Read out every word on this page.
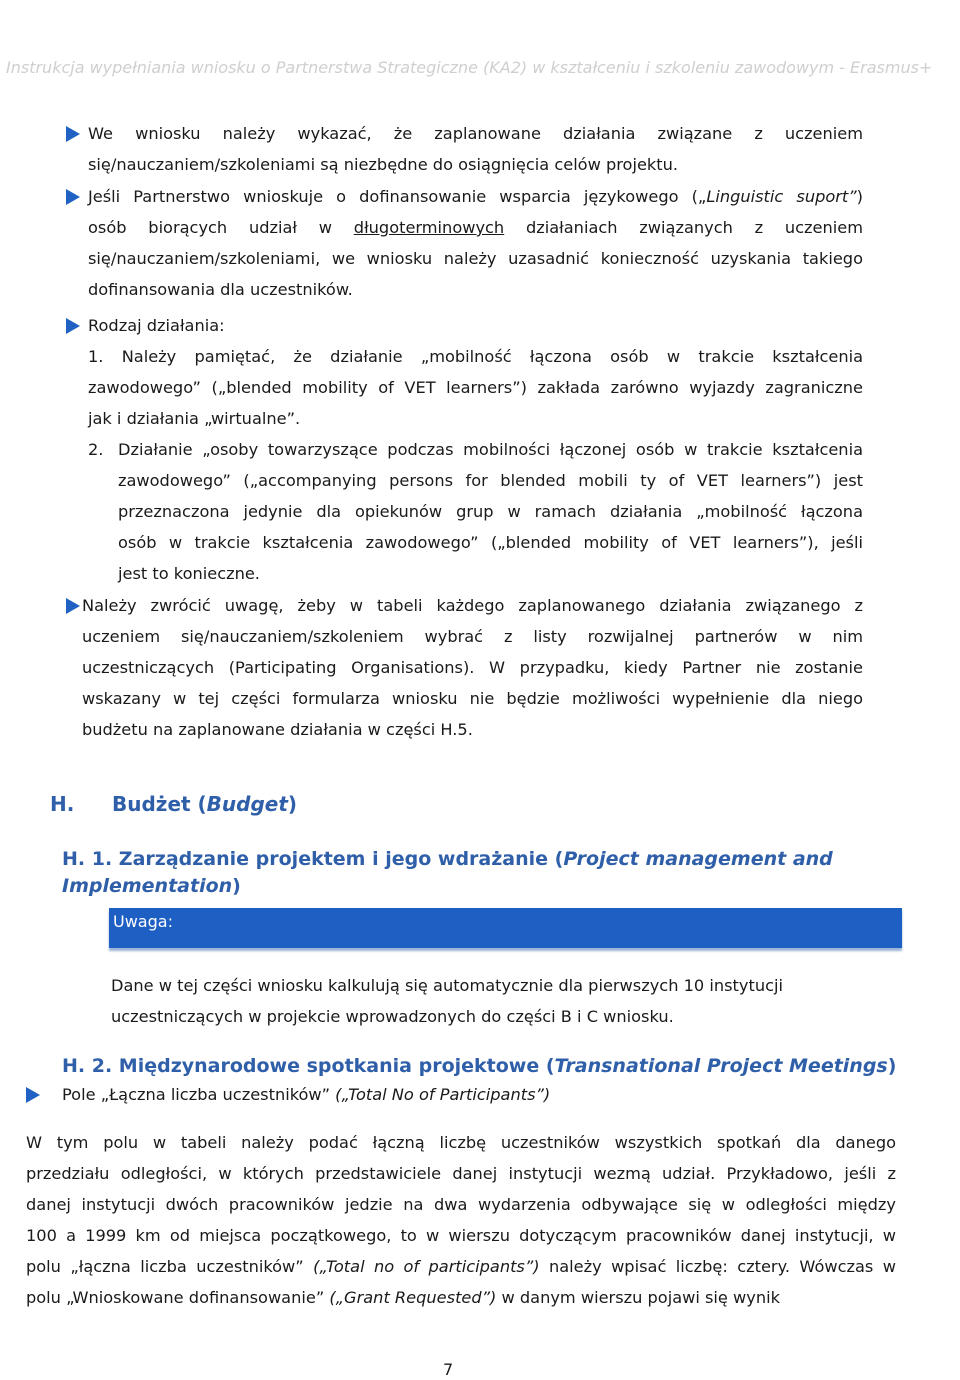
Instrukcja wypełniania wniosku o Partnerstwa Strategiczne (KA2) w kształceniu i szkoleniu zawodowym - Erasmus+

We wniosku należy wykazać, że zaplanowane działania związane z uczeniem

się/nauczaniem/szkoleniami są niezbędne do osiągnięcia celów projektu.

Jeśli Partnerstwo wnioskuje o dofinansowanie wsparcia językowego („Linguistic suport”)

osób biorących udział w długoterminowych działaniach związanych z uczeniem

się/nauczaniem/szkoleniami, we wniosku należy uzasadnić konieczność uzyskania takiego

dofinansowania dla uczestników.

Rodzaj działania:

1. Należy pamiętać, że działanie „mobilność łączona osób w trakcie kształcenia

zawodowego” („blended mobility of VET learners”) zakłada zarówno wyjazdy zagraniczne

jak i działania „wirtualne”.

2. Działanie „osoby towarzyszące podczas mobilności łączonej osób w trakcie kształcenia

zawodowego” („accompanying persons for blended mobili ty of VET learners”) jest

przeznaczona jedynie dla opiekunów grup w ramach działania „mobilność łączona

osób w trakcie kształcenia zawodowego” („blended mobility of VET learners”), jeśli

jest to konieczne.

Należy zwrócić uwagę, żeby w tabeli każdego zaplanowanego działania związanego z

uczeniem się/nauczaniem/szkoleniem wybrać z listy rozwijalnej partnerów w nim

uczestniczących (Participating Organisations). W przypadku, kiedy Partner nie zostanie

wskazany w tej części formularza wniosku nie będzie możliwości wypełnienie dla niego

budżetu na zaplanowane działania w części H.5.

H. Budżet (Budget)
H. 1. Zarządzanie projektem i jego wdrażanie (Project management and
Implementation)
Uwaga:

Dane w tej części wniosku kalkulują się automatycznie dla pierwszych 10 instytucji

uczestniczących w projekcie wprowadzonych do części B i C wniosku.

H. 2. Międzynarodowe spotkania projektowe (Transnational Project Meetings)

Pole „Łączna liczba uczestników” („Total No of Participants”)

W tym polu w tabeli należy podać łączną liczbę uczestników wszystkich spotkań dla danego

przedziału odległości, w których przedstawiciele danej instytucji wezmą udział. Przykładowo, jeśli z

danej instytucji dwóch pracowników jedzie na dwa wydarzenia odbywające się w odległości między

100 a 1999 km od miejsca początkowego, to w wierszu dotyczącym pracowników danej instytucji, w

polu „łączna liczba uczestników” („Total no of participants”) należy wpisać liczbę: cztery. Wówczas w

polu „Wnioskowane dofinansowanie” („Grant Requested”) w danym wierszu pojawi się wynik

7
